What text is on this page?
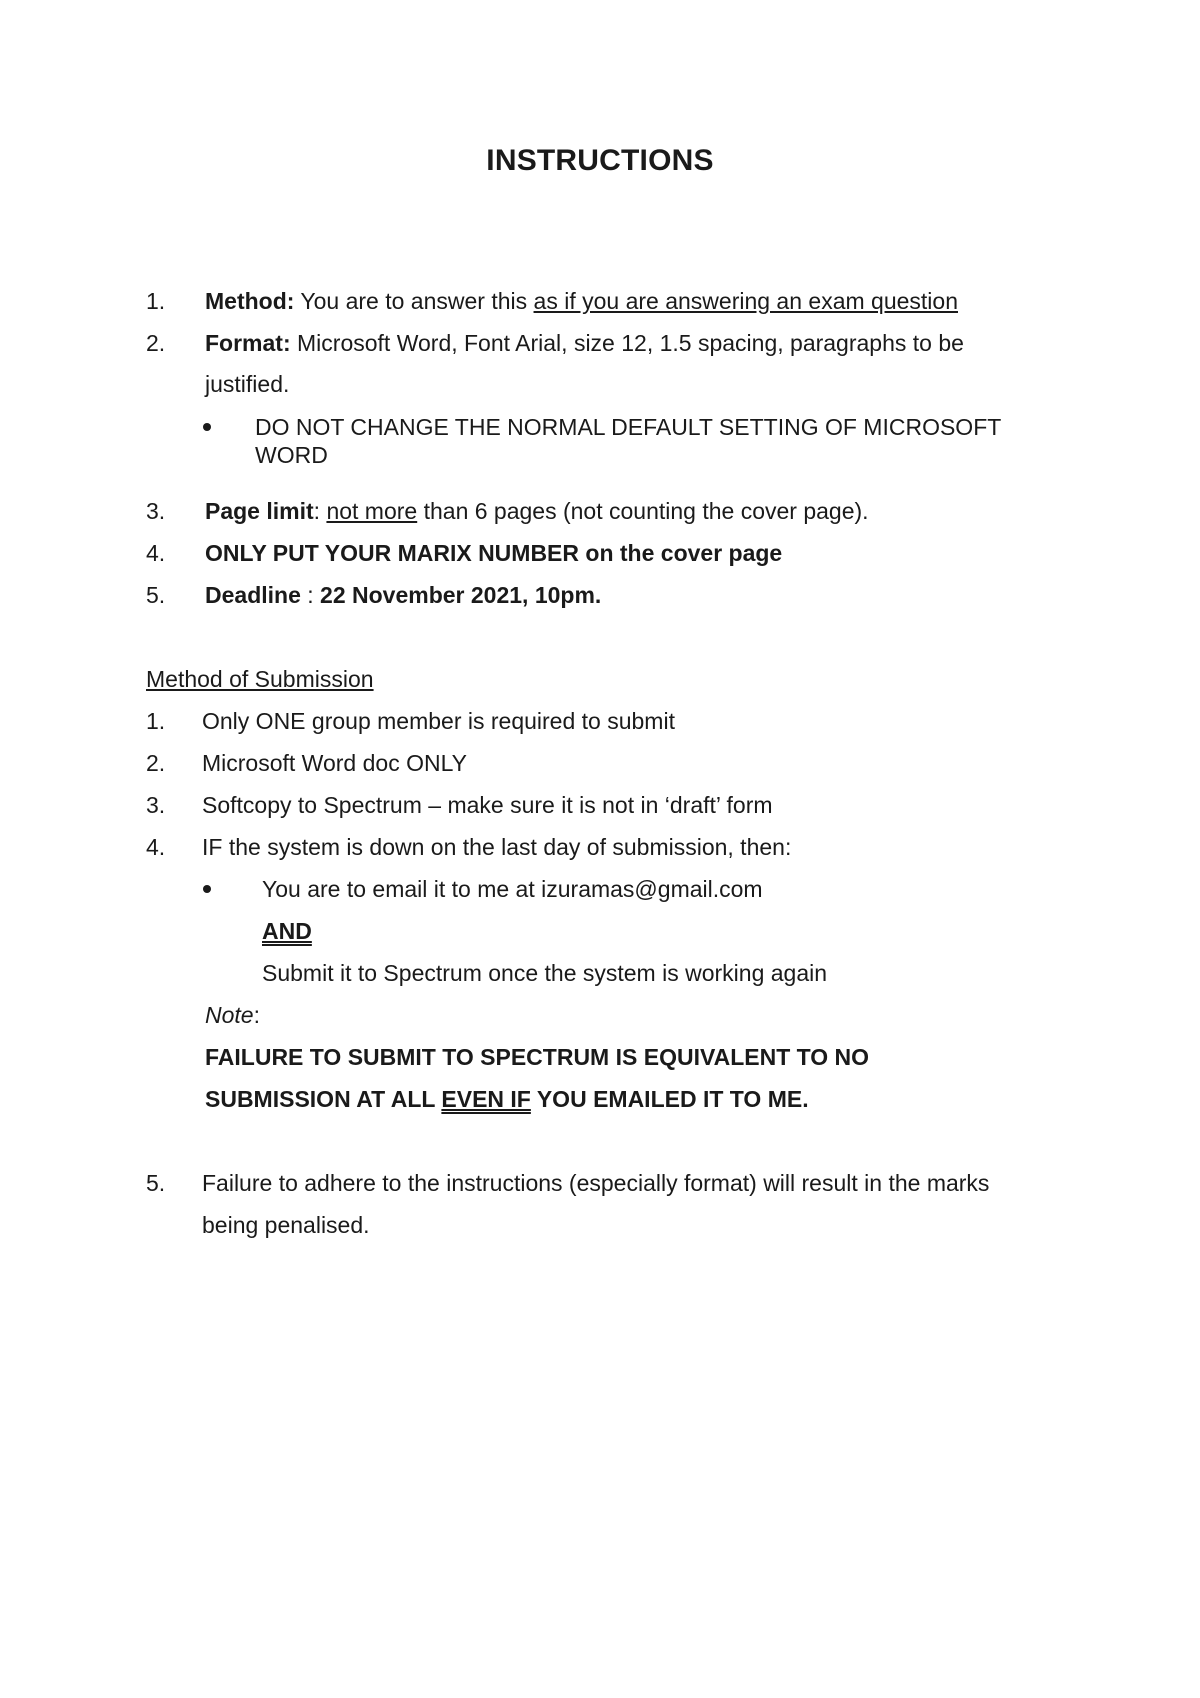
INSTRUCTIONS
1. Method: You are to answer this as if you are answering an exam question
2. Format: Microsoft Word, Font Arial, size 12, 1.5 spacing, paragraphs to be
justified.
DO NOT CHANGE THE NORMAL DEFAULT SETTING OF MICROSOFT
WORD
3. Page limit: not more than 6 pages (not counting the cover page).
4. ONLY PUT YOUR MARIX NUMBER on the cover page
5. Deadline : 22 November 2021, 10pm.
Method of Submission
1. Only ONE group member is required to submit
2. Microsoft Word doc ONLY
3. Softcopy to Spectrum – make sure it is not in ‘draft’ form
4. IF the system is down on the last day of submission, then:
You are to email it to me at izuramas@gmail.com
AND
Submit it to Spectrum once the system is working again
Note:
FAILURE TO SUBMIT TO SPECTRUM IS EQUIVALENT TO NO
SUBMISSION AT ALL EVEN IF YOU EMAILED IT TO ME.
5. Failure to adhere to the instructions (especially format) will result in the marks
being penalised.
